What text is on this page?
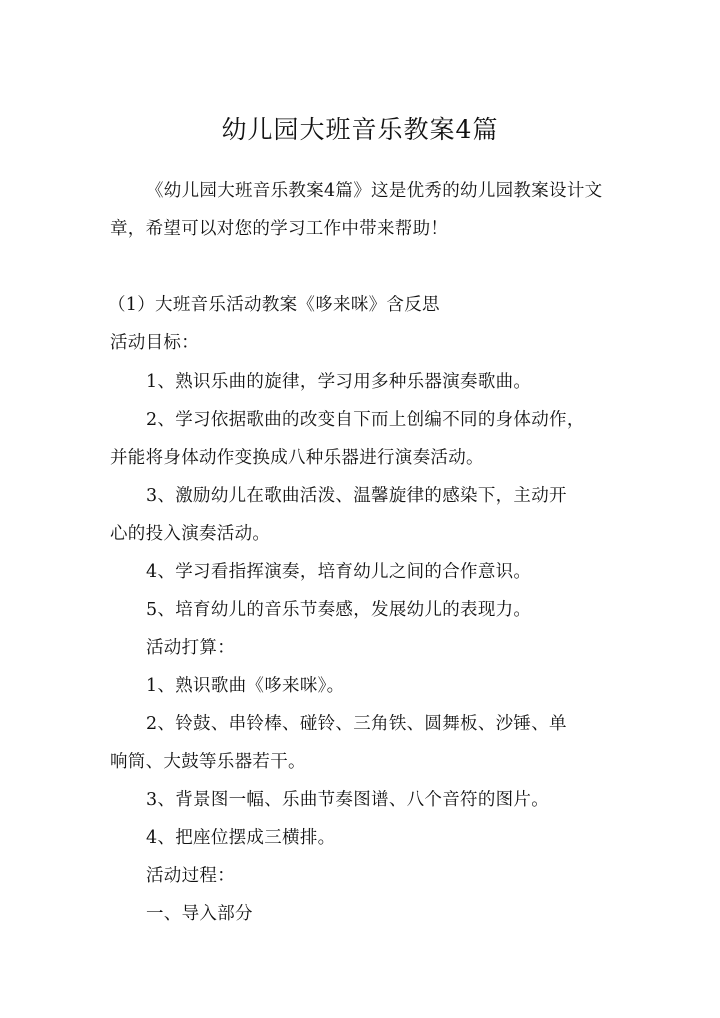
幼儿园大班音乐教案4篇
《幼儿园大班音乐教案4篇》这是优秀的幼儿园教案设计文
章，希望可以对您的学习工作中带来帮助！
（1）大班音乐活动教案《哆来咪》含反思
活动目标：
1、熟识乐曲的旋律，学习用多种乐器演奏歌曲。
2、学习依据歌曲的改变自下而上创编不同的身体动作，
并能将身体动作变换成八种乐器进行演奏活动。
3、激励幼儿在歌曲活泼、温馨旋律的感染下，主动开
心的投入演奏活动。
4、学习看指挥演奏，培育幼儿之间的合作意识。
5、培育幼儿的音乐节奏感，发展幼儿的表现力。
活动打算：
1、熟识歌曲《哆来咪》。
2、铃鼓、串铃棒、碰铃、三角铁、圆舞板、沙锤、单
响筒、大鼓等乐器若干。
3、背景图一幅、乐曲节奏图谱、八个音符的图片。
4、把座位摆成三横排。
活动过程：
一、导入部分
